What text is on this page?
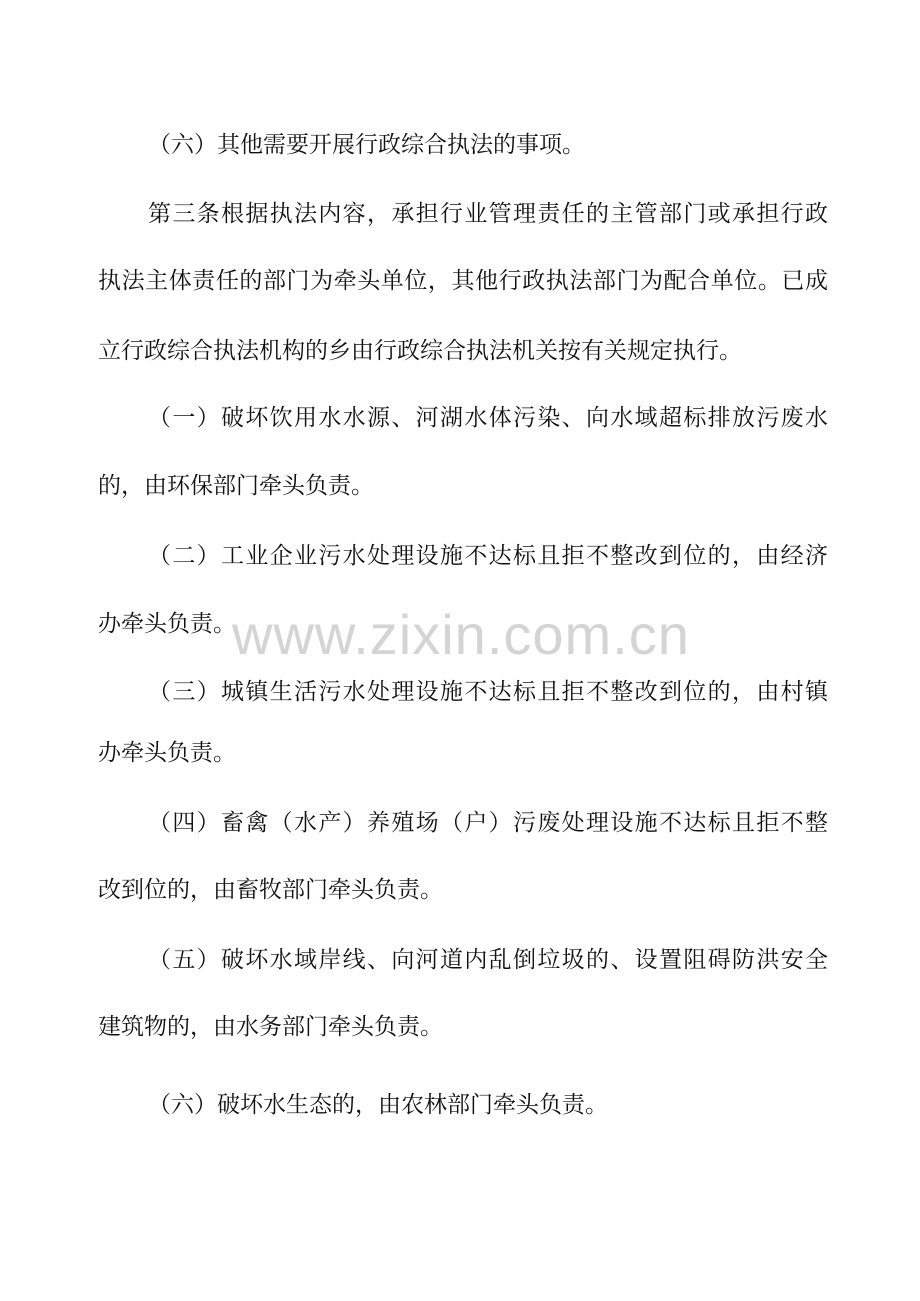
（六）其他需要开展行政综合执法的事项。

第三条根据执法内容，承担行业管理责任的主管部门或承担行政

执法主体责任的部门为牵头单位，其他行政执法部门为配合单位。已成

立行政综合执法机构的乡由行政综合执法机关按有关规定执行。

（一）破坏饮用水水源、河湖水体污染、向水域超标排放污废水

的，由环保部门牵头负责。

（二）工业企业污水处理设施不达标且拒不整改到位的，由经济

办牵头负责。

（三）城镇生活污水处理设施不达标且拒不整改到位的，由村镇

办牵头负责。

（四）畜禽（水产）养殖场（户）污废处理设施不达标且拒不整

改到位的，由畜牧部门牵头负责。

（五）破坏水域岸线、向河道内乱倒垃圾的、设置阻碍防洪安全

建筑物的，由水务部门牵头负责。

（六）破坏水生态的，由农林部门牵头负责。

www.zixin.com.cn
